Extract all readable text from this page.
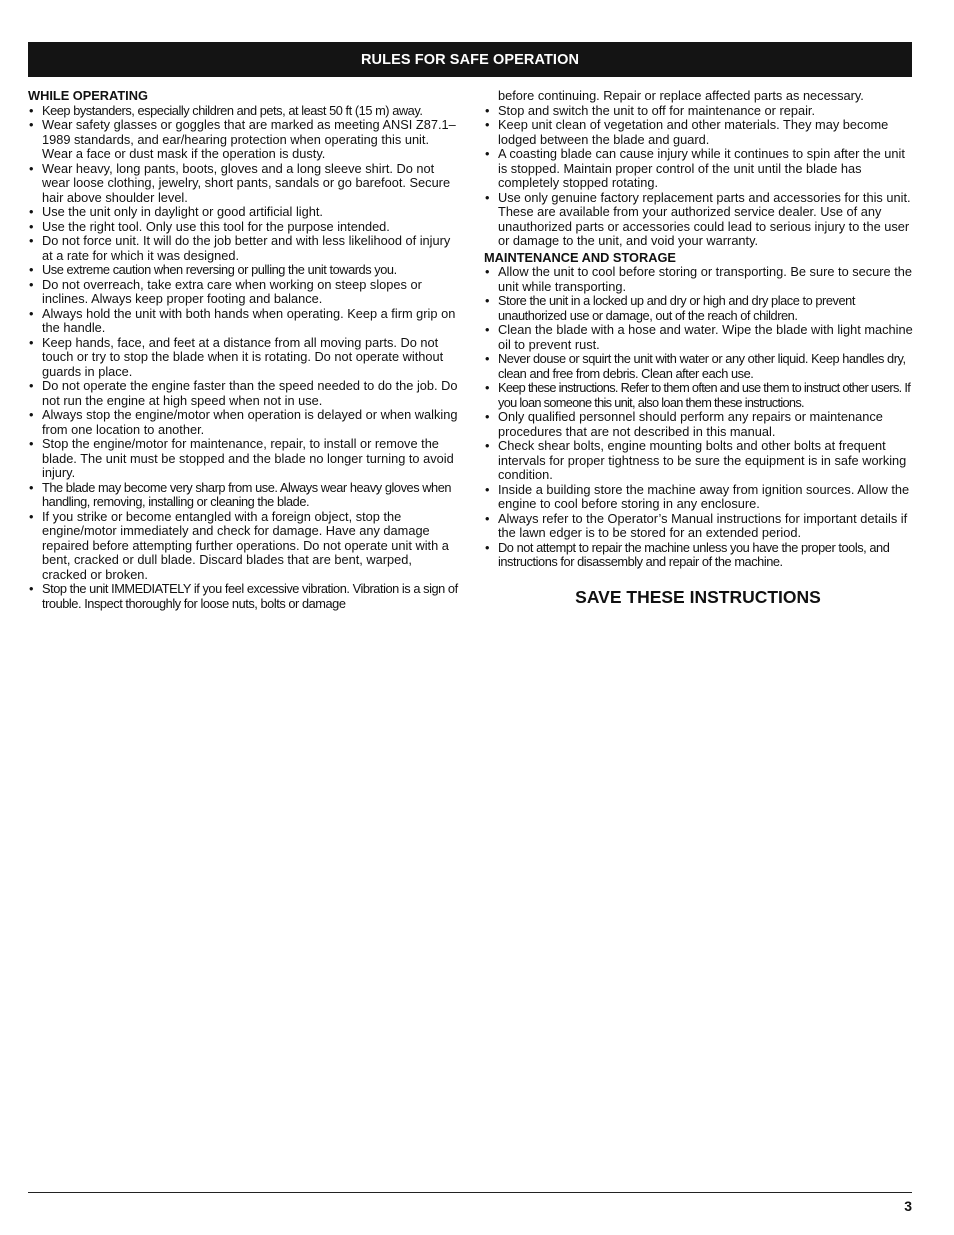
RULES FOR SAFE OPERATION

WHILE OPERATING

• Keep bystanders, especially children and pets, at least 50 ft (15 m) away.
• Wear safety glasses or goggles that are marked as meeting ANSI Z87.1–1989 standards, and ear/hearing protection when operating this unit. Wear a face or dust mask if the operation is dusty.
• Wear heavy, long pants, boots, gloves and a long sleeve shirt. Do not wear loose clothing, jewelry, short pants, sandals or go barefoot. Secure hair above shoulder level.
• Use the unit only in daylight or good artificial light.
• Use the right tool. Only use this tool for the purpose intended.
• Do not force unit. It will do the job better and with less likelihood of injury at a rate for which it was designed.
• Use extreme caution when reversing or pulling the unit towards you.
• Do not overreach, take extra care when working on steep slopes or inclines. Always keep proper footing and balance.
• Always hold the unit with both hands when operating. Keep a firm grip on the handle.
• Keep hands, face, and feet at a distance from all moving parts. Do not touch or try to stop the blade when it is rotating. Do not operate without guards in place.
• Do not operate the engine faster than the speed needed to do the job. Do not run the engine at high speed when not in use.
• Always stop the engine/motor when operation is delayed or when walking from one location to another.
• Stop the engine/motor for maintenance, repair, to install or remove the blade. The unit must be stopped and the blade no longer turning to avoid injury.
• The blade may become very sharp from use. Always wear heavy gloves when handling, removing, installing or cleaning the blade.
• If you strike or become entangled with a foreign object, stop the engine/motor immediately and check for damage. Have any damage repaired before attempting further operations. Do not operate unit with a bent, cracked or dull blade. Discard blades that are bent, warped, cracked or broken.
• Stop the unit IMMEDIATELY if you feel excessive vibration. Vibration is a sign of trouble. Inspect thoroughly for loose nuts, bolts or damage
before continuing. Repair or replace affected parts as necessary.
• Stop and switch the unit to off for maintenance or repair.
• Keep unit clean of vegetation and other materials. They may become lodged between the blade and guard.
• A coasting blade can cause injury while it continues to spin after the unit is stopped. Maintain proper control of the unit until the blade has completely stopped rotating.
• Use only genuine factory replacement parts and accessories for this unit. These are available from your authorized service dealer. Use of any unauthorized parts or accessories could lead to serious injury to the user or damage to the unit, and void your warranty.

MAINTENANCE AND STORAGE

• Allow the unit to cool before storing or transporting. Be sure to secure the unit while transporting.
• Store the unit in a locked up and dry or high and dry place to prevent unauthorized use or damage, out of the reach of children.
• Clean the blade with a hose and water. Wipe the blade with light machine oil to prevent rust.
• Never douse or squirt the unit with water or any other liquid. Keep handles dry, clean and free from debris. Clean after each use.
• Keep these instructions. Refer to them often and use them to instruct other users. If you loan someone this unit, also loan them these instructions.
• Only qualified personnel should perform any repairs or maintenance procedures that are not described in this manual.
• Check shear bolts, engine mounting bolts and other bolts at frequent intervals for proper tightness to be sure the equipment is in safe working condition.
• Inside a building store the machine away from ignition sources. Allow the engine to cool before storing in any enclosure.
• Always refer to the Operator’s Manual instructions for important details if the lawn edger is to be stored for an extended period.
• Do not attempt to repair the machine unless you have the proper tools, and instructions for disassembly and repair of the machine.
SAVE THESE INSTRUCTIONS
3
